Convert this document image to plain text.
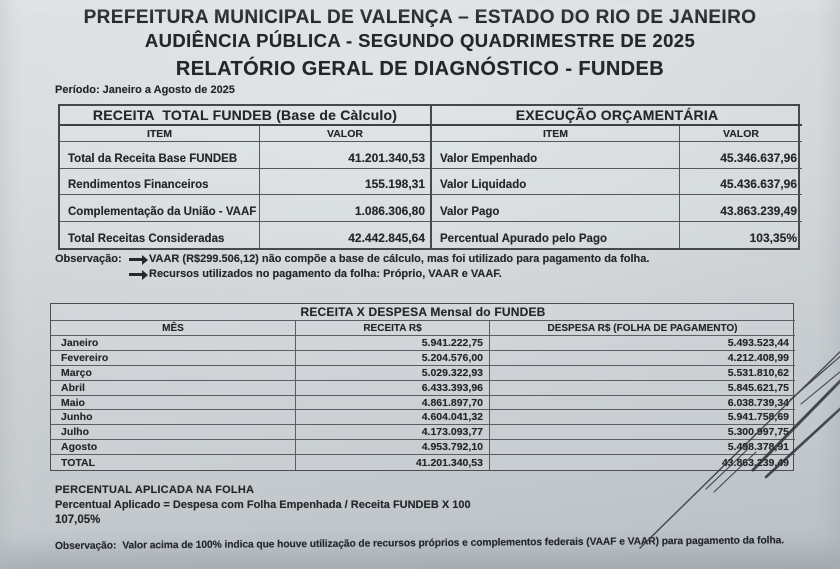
PREFEITURA MUNICIPAL DE VALENÇA – ESTADO DO RIO DE JANEIRO
AUDIÊNCIA PÚBLICA - SEGUNDO QUADRIMESTRE DE 2025
RELATÓRIO GERAL DE DIAGNÓSTICO - FUNDEB
Período: Janeiro a Agosto de 2025
RECEITA  TOTAL FUNDEB (Base de Càlculo)	EXECUÇÃO ORÇAMENTÁRIA
ITEM	VALOR	ITEM	VALOR
Total da Receita Base FUNDEB	41.201.340,53	Valor Empenhado	45.346.637,96
Rendimentos Financeiros	155.198,31	Valor Liquidado	45.436.637,96
Complementação da União - VAAF	1.086.306,80	Valor Pago	43.863.239,49
Total Receitas Consideradas	42.442.845,64	Percentual Apurado pelo Pago	103,35%
Observação:	VAAR (R$299.506,12) não compõe a base de cálculo, mas foi utilizado para pagamento da folha.
Recursos utilizados no pagamento da folha: Próprio, VAAR e VAAF.
RECEITA X DESPESA Mensal do FUNDEB
MÊS	RECEITA R$	DESPESA R$ (FOLHA DE PAGAMENTO)
Janeiro	5.941.222,75	5.493.523,44
Fevereiro	5.204.576,00	4.212.408,99
Março	5.029.322,93	5.531.810,62
Abril	6.433.393,96	5.845.621,75
Maio	4.861.897,70	6.038.739,34
Junho	4.604.041,32	5.941.758,69
Julho	4.173.093,77	5.300.997,75
Agosto	4.953.792,10	5.498.378,91
TOTAL	41.201.340,53	43.863.239,49
PERCENTUAL APLICADA NA FOLHA
Percentual Aplicado = Despesa com Folha Empenhada / Receita FUNDEB X 100
107,05%
Observação: Valor acima de 100% indica que houve utilização de recursos próprios e complementos federais (VAAF e VAAR) para pagamento da folha.
